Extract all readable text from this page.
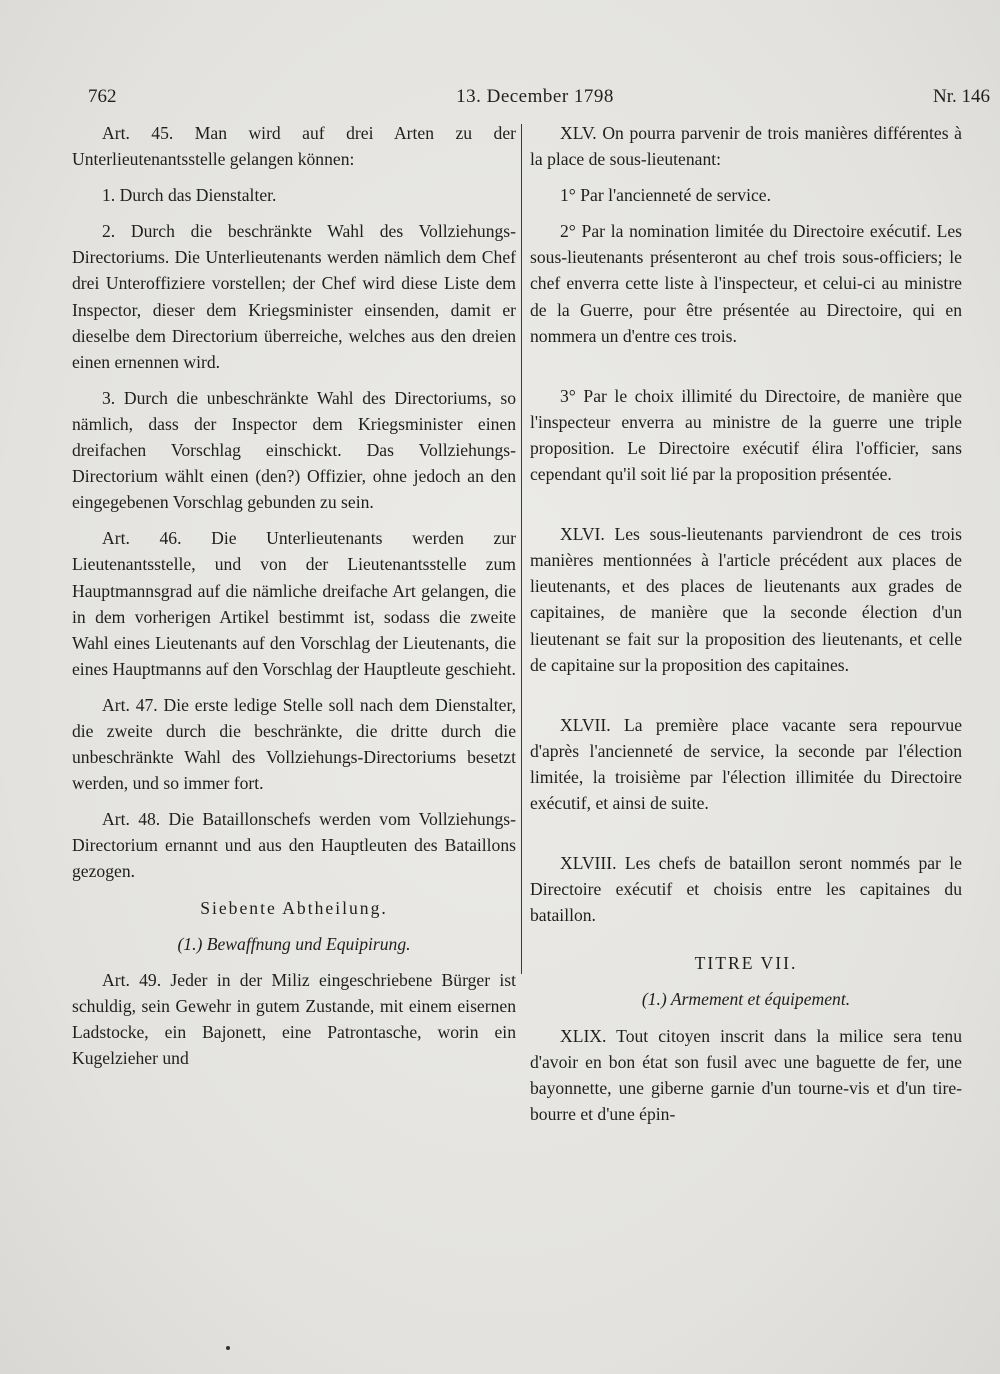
762	13. December 1798	Nr. 146

Art. 45. Man wird auf drei Arten zu der Unterlieutenantsstelle gelangen können:

1. Durch das Dienstalter.

2. Durch die beschränkte Wahl des Vollziehungs-Directoriums. Die Unterlieutenants werden nämlich dem Chef drei Unteroffiziere vorstellen; der Chef wird diese Liste dem Inspector, dieser dem Kriegsminister einsenden, damit er dieselbe dem Directorium überreiche, welches aus den dreien einen ernennen wird.

3. Durch die unbeschränkte Wahl des Directoriums, so nämlich, dass der Inspector dem Kriegsminister einen dreifachen Vorschlag einschickt. Das Vollziehungs-Directorium wählt einen (den?) Offizier, ohne jedoch an den eingegebenen Vorschlag gebunden zu sein.

Art. 46. Die Unterlieutenants werden zur Lieutenantsstelle, und von der Lieutenantsstelle zum Hauptmannsgrad auf die nämliche dreifache Art gelangen, die in dem vorherigen Artikel bestimmt ist, sodass die zweite Wahl eines Lieutenants auf den Vorschlag der Lieutenants, die eines Hauptmanns auf den Vorschlag der Hauptleute geschieht.

Art. 47. Die erste ledige Stelle soll nach dem Dienstalter, die zweite durch die beschränkte, die dritte durch die unbeschränkte Wahl des Vollziehungs-Directoriums besetzt werden, und so immer fort.

Art. 48. Die Bataillonschefs werden vom Vollziehungs-Directorium ernannt und aus den Hauptleuten des Bataillons gezogen.

Siebente Abtheilung.

(1.) Bewaffnung und Equipirung.

Art. 49. Jeder in der Miliz eingeschriebene Bürger ist schuldig, sein Gewehr in gutem Zustande, mit einem eisernen Ladstocke, ein Bajonett, eine Patrontasche, worin ein Kugelzieher und

XLV. On pourra parvenir de trois manières différentes à la place de sous-lieutenant:

1° Par l'ancienneté de service.

2° Par la nomination limitée du Directoire exécutif. Les sous-lieutenants présenteront au chef trois sous-officiers; le chef enverra cette liste à l'inspecteur, et celui-ci au ministre de la Guerre, pour être présentée au Directoire, qui en nommera un d'entre ces trois.

3° Par le choix illimité du Directoire, de manière que l'inspecteur enverra au ministre de la guerre une triple proposition. Le Directoire exécutif élira l'officier, sans cependant qu'il soit lié par la proposition présentée.

XLVI. Les sous-lieutenants parviendront de ces trois manières mentionnées à l'article précédent aux places de lieutenants, et des places de lieutenants aux grades de capitaines, de manière que la seconde élection d'un lieutenant se fait sur la proposition des lieutenants, et celle de capitaine sur la proposition des capitaines.

XLVII. La première place vacante sera repourvue d'après l'ancienneté de service, la seconde par l'élection limitée, la troisième par l'élection illimitée du Directoire exécutif, et ainsi de suite.

XLVIII. Les chefs de bataillon seront nommés par le Directoire exécutif et choisis entre les capitaines du bataillon.

TITRE VII.

(1.) Armement et équipement.

XLIX. Tout citoyen inscrit dans la milice sera tenu d'avoir en bon état son fusil avec une baguette de fer, une bayonnette, une giberne garnie d'un tourne-vis et d'un tire-bourre et d'une épin-
